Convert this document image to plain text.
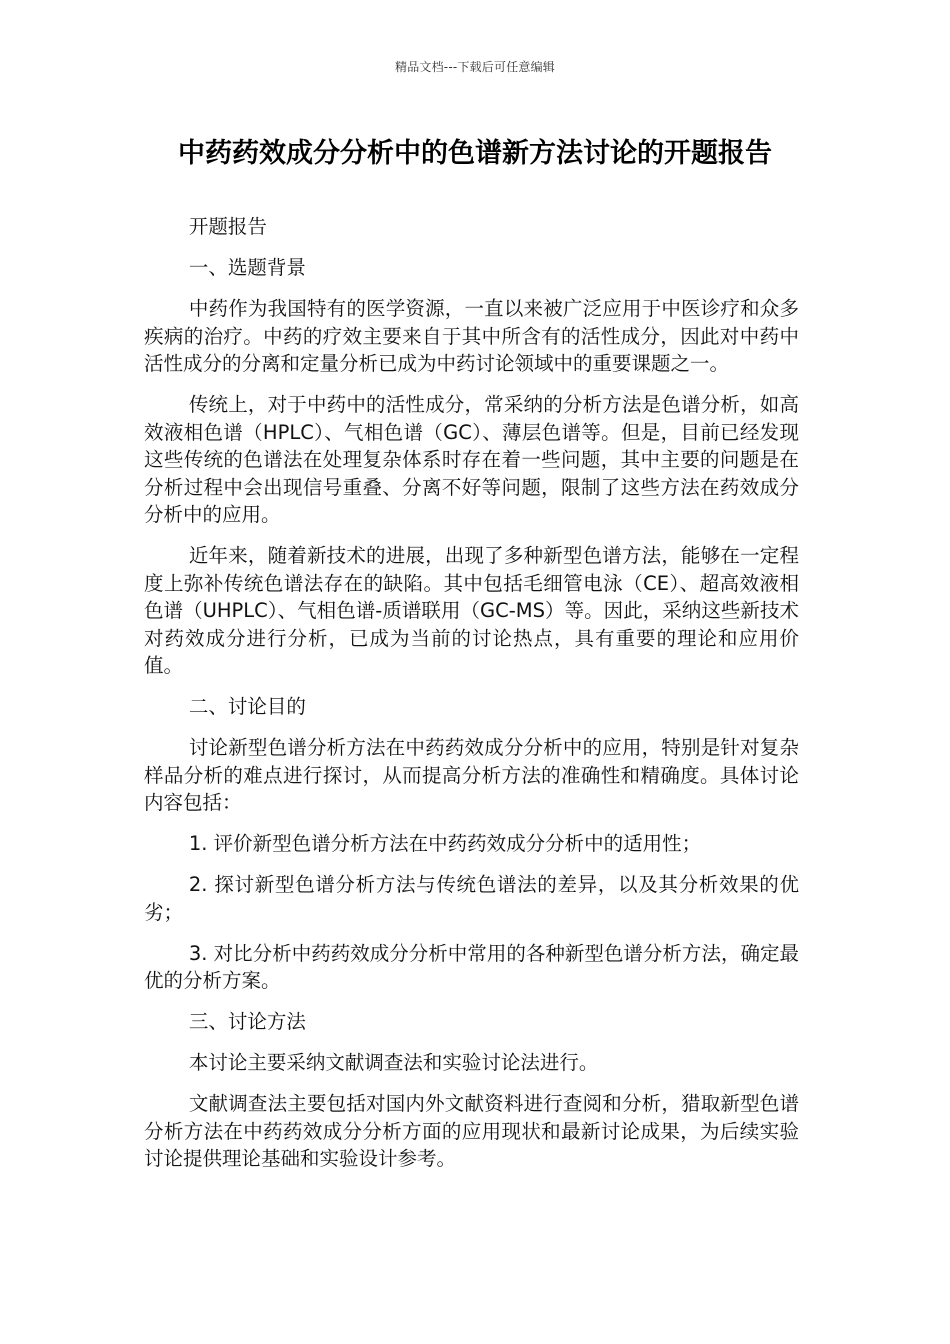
精品文档---下载后可任意编辑
中药药效成分分析中的色谱新方法讨论的开题报告

开题报告

一、选题背景

中药作为我国特有的医学资源，一直以来被广泛应用于中医诊疗和众多疾病的治疗。中药的疗效主要来自于其中所含有的活性成分，因此对中药中活性成分的分离和定量分析已成为中药讨论领域中的重要课题之一。

传统上，对于中药中的活性成分，常采纳的分析方法是色谱分析，如高效液相色谱（HPLC）、气相色谱（GC）、薄层色谱等。但是，目前已经发现这些传统的色谱法在处理复杂体系时存在着一些问题，其中主要的问题是在分析过程中会出现信号重叠、分离不好等问题，限制了这些方法在药效成分分析中的应用。

近年来，随着新技术的进展，出现了多种新型色谱方法，能够在一定程度上弥补传统色谱法存在的缺陷。其中包括毛细管电泳（CE）、超高效液相色谱（UHPLC）、气相色谱-质谱联用（GC-MS）等。因此，采纳这些新技术对药效成分进行分析，已成为当前的讨论热点，具有重要的理论和应用价值。

二、讨论目的

讨论新型色谱分析方法在中药药效成分分析中的应用，特别是针对复杂样品分析的难点进行探讨，从而提高分析方法的准确性和精确度。具体讨论内容包括：

1. 评价新型色谱分析方法在中药药效成分分析中的适用性；

2. 探讨新型色谱分析方法与传统色谱法的差异，以及其分析效果的优劣；

3. 对比分析中药药效成分分析中常用的各种新型色谱分析方法，确定最优的分析方案。

三、讨论方法

本讨论主要采纳文献调查法和实验讨论法进行。

文献调查法主要包括对国内外文献资料进行查阅和分析，猎取新型色谱分析方法在中药药效成分分析方面的应用现状和最新讨论成果，为后续实验讨论提供理论基础和实验设计参考。
